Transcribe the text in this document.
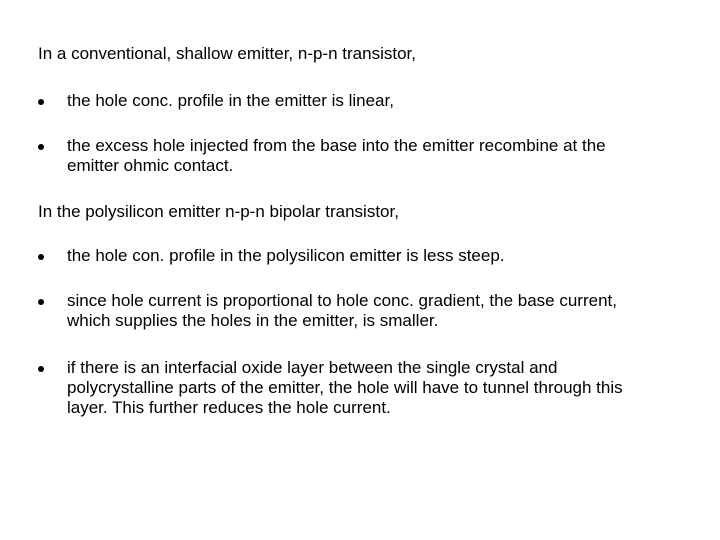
In a conventional, shallow emitter, n-p-n transistor,

the hole conc. profile in the emitter is linear,
the excess hole injected from the base into the emitter recombine at the
emitter ohmic contact.

In the polysilicon emitter n-p-n bipolar transistor,

the hole con. profile in the polysilicon emitter is less steep.
since hole current is proportional to hole conc. gradient, the base current,
which supplies the holes in the emitter, is smaller.
if there is an interfacial oxide layer between the single crystal and
polycrystalline parts of the emitter, the hole will have to tunnel through this
layer. This further reduces the hole current.
